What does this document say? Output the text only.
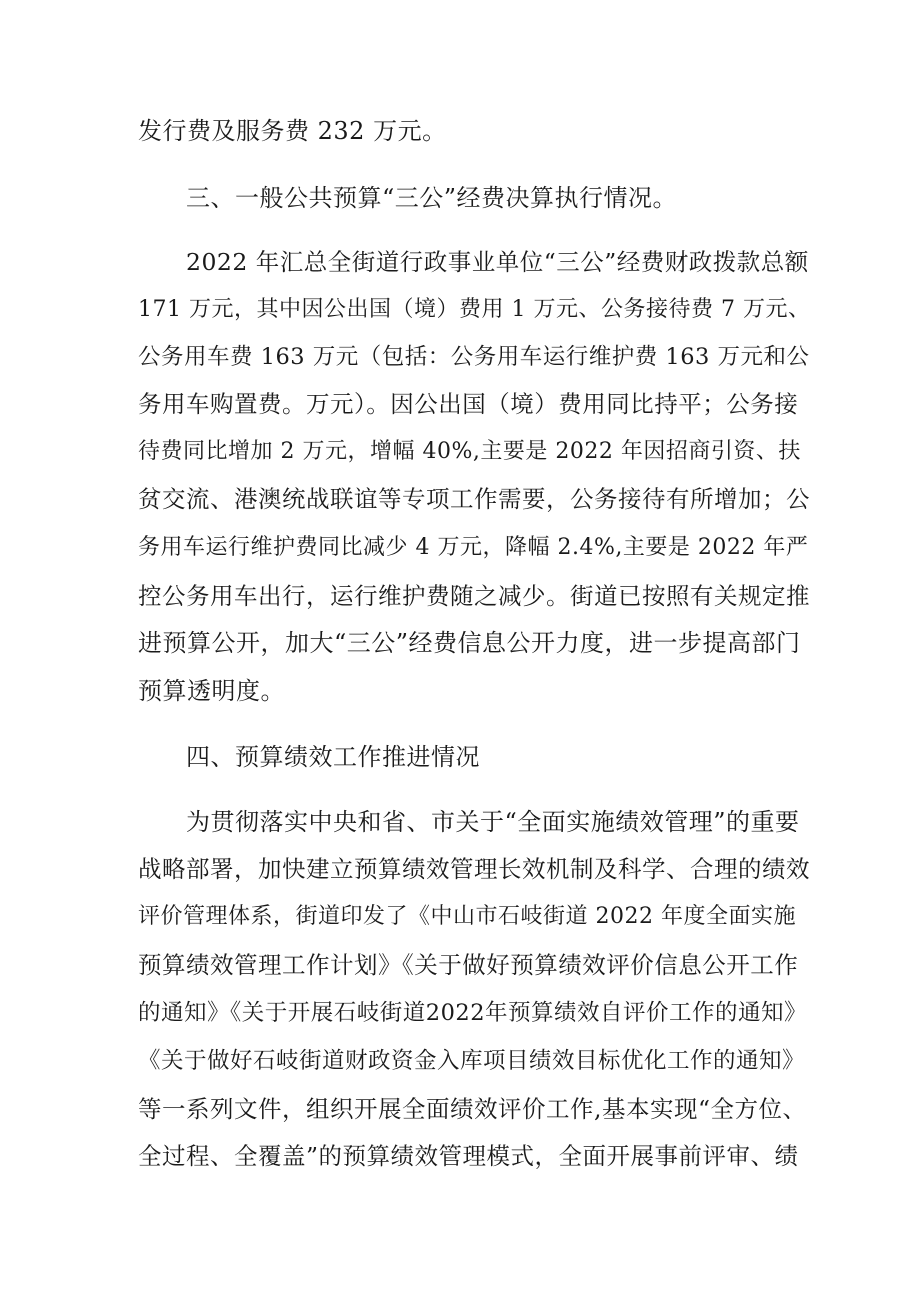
发行费及服务费 232 万元。
三、一般公共预算“三公”经费决算执行情况。
2022 年汇总全街道行政事业单位“三公”经费财政拨款总额
171 万元，其中因公出国（境）费用 1 万元、公务接待费 7 万元、
公务用车费 163 万元（包括：公务用车运行维护费 163 万元和公
务用车购置费。万元）。因公出国（境）费用同比持平；公务接
待费同比增加 2 万元，增幅 40%,主要是 2022 年因招商引资、扶
贫交流、港澳统战联谊等专项工作需要，公务接待有所增加；公
务用车运行维护费同比减少 4 万元，降幅 2.4%,主要是 2022 年严
控公务用车出行，运行维护费随之减少。街道已按照有关规定推
进预算公开，加大“三公”经费信息公开力度，进一步提高部门
预算透明度。
四、预算绩效工作推进情况
为贯彻落实中央和省、市关于“全面实施绩效管理”的重要
战略部署，加快建立预算绩效管理长效机制及科学、合理的绩效
评价管理体系，街道印发了《中山市石岐街道 2022 年度全面实施
预算绩效管理工作计划》《关于做好预算绩效评价信息公开工作
的通知》《关于开展石岐街道2022年预算绩效自评价工作的通知》
《关于做好石岐街道财政资金入库项目绩效目标优化工作的通知》
等一系列文件，组织开展全面绩效评价工作,基本实现“全方位、
全过程、全覆盖”的预算绩效管理模式，全面开展事前评审、绩
